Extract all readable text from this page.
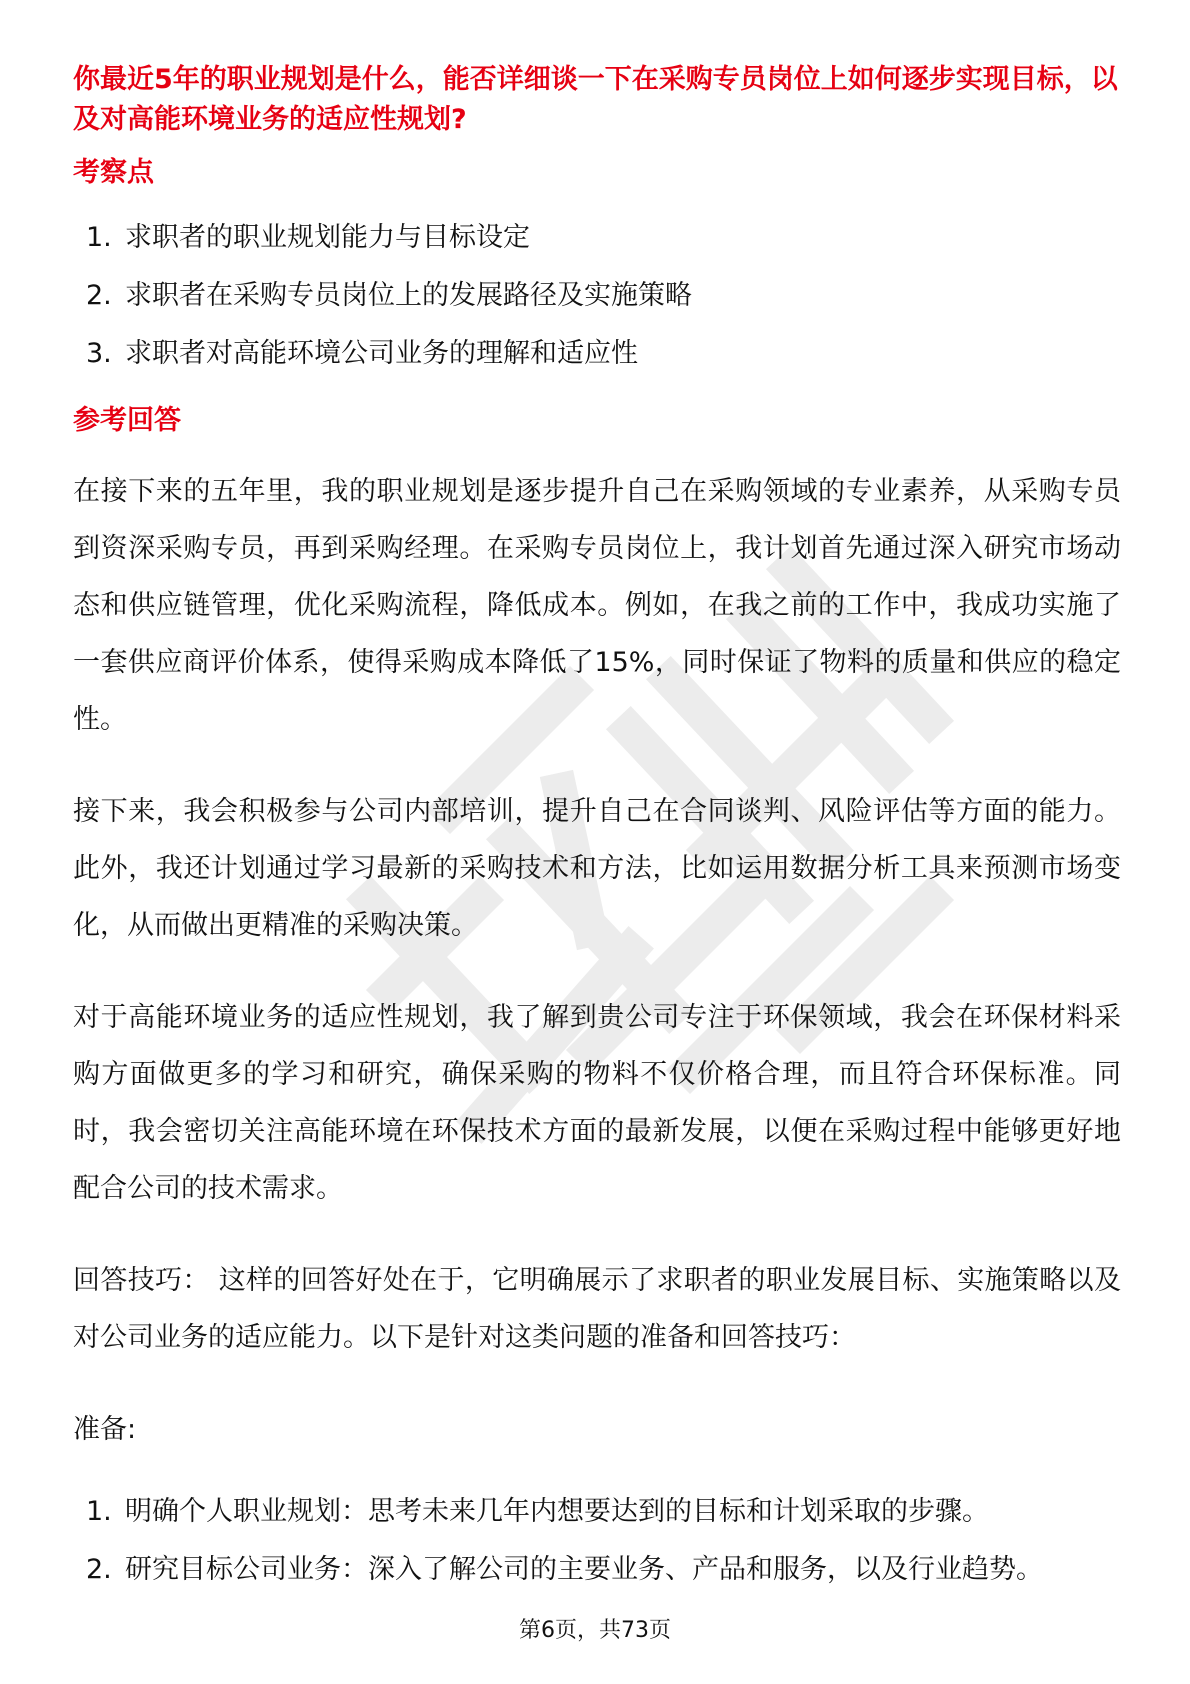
你最近5年的职业规划是什么，能否详细谈一下在采购专员岗位上如何逐步实现目标，以及对高能环境业务的适应性规划?

考察点
1. 求职者的职业规划能力与目标设定
2. 求职者在采购专员岗位上的发展路径及实施策略
3. 求职者对高能环境公司业务的理解和适应性
参考回答

在接下来的五年里，我的职业规划是逐步提升自己在采购领域的专业素养，从采购专员到资深采购专员，再到采购经理。在采购专员岗位上，我计划首先通过深入研究市场动态和供应链管理，优化采购流程，降低成本。例如，在我之前的工作中，我成功实施了一套供应商评价体系，使得采购成本降低了15%，同时保证了物料的质量和供应的稳定性。

接下来，我会积极参与公司内部培训，提升自己在合同谈判、风险评估等方面的能力。此外，我还计划通过学习最新的采购技术和方法，比如运用数据分析工具来预测市场变化，从而做出更精准的采购决策。

对于高能环境业务的适应性规划，我了解到贵公司专注于环保领域，我会在环保材料采购方面做更多的学习和研究，确保采购的物料不仅价格合理，而且符合环保标准。同时，我会密切关注高能环境在环保技术方面的最新发展，以便在采购过程中能够更好地配合公司的技术需求。

回答技巧： 这样的回答好处在于，它明确展示了求职者的职业发展目标、实施策略以及对公司业务的适应能力。以下是针对这类问题的准备和回答技巧：

准备:

1. 明确个人职业规划：思考未来几年内想要达到的目标和计划采取的步骤。
2. 研究目标公司业务：深入了解公司的主要业务、产品和服务，以及行业趋势。
第6页，共73页
